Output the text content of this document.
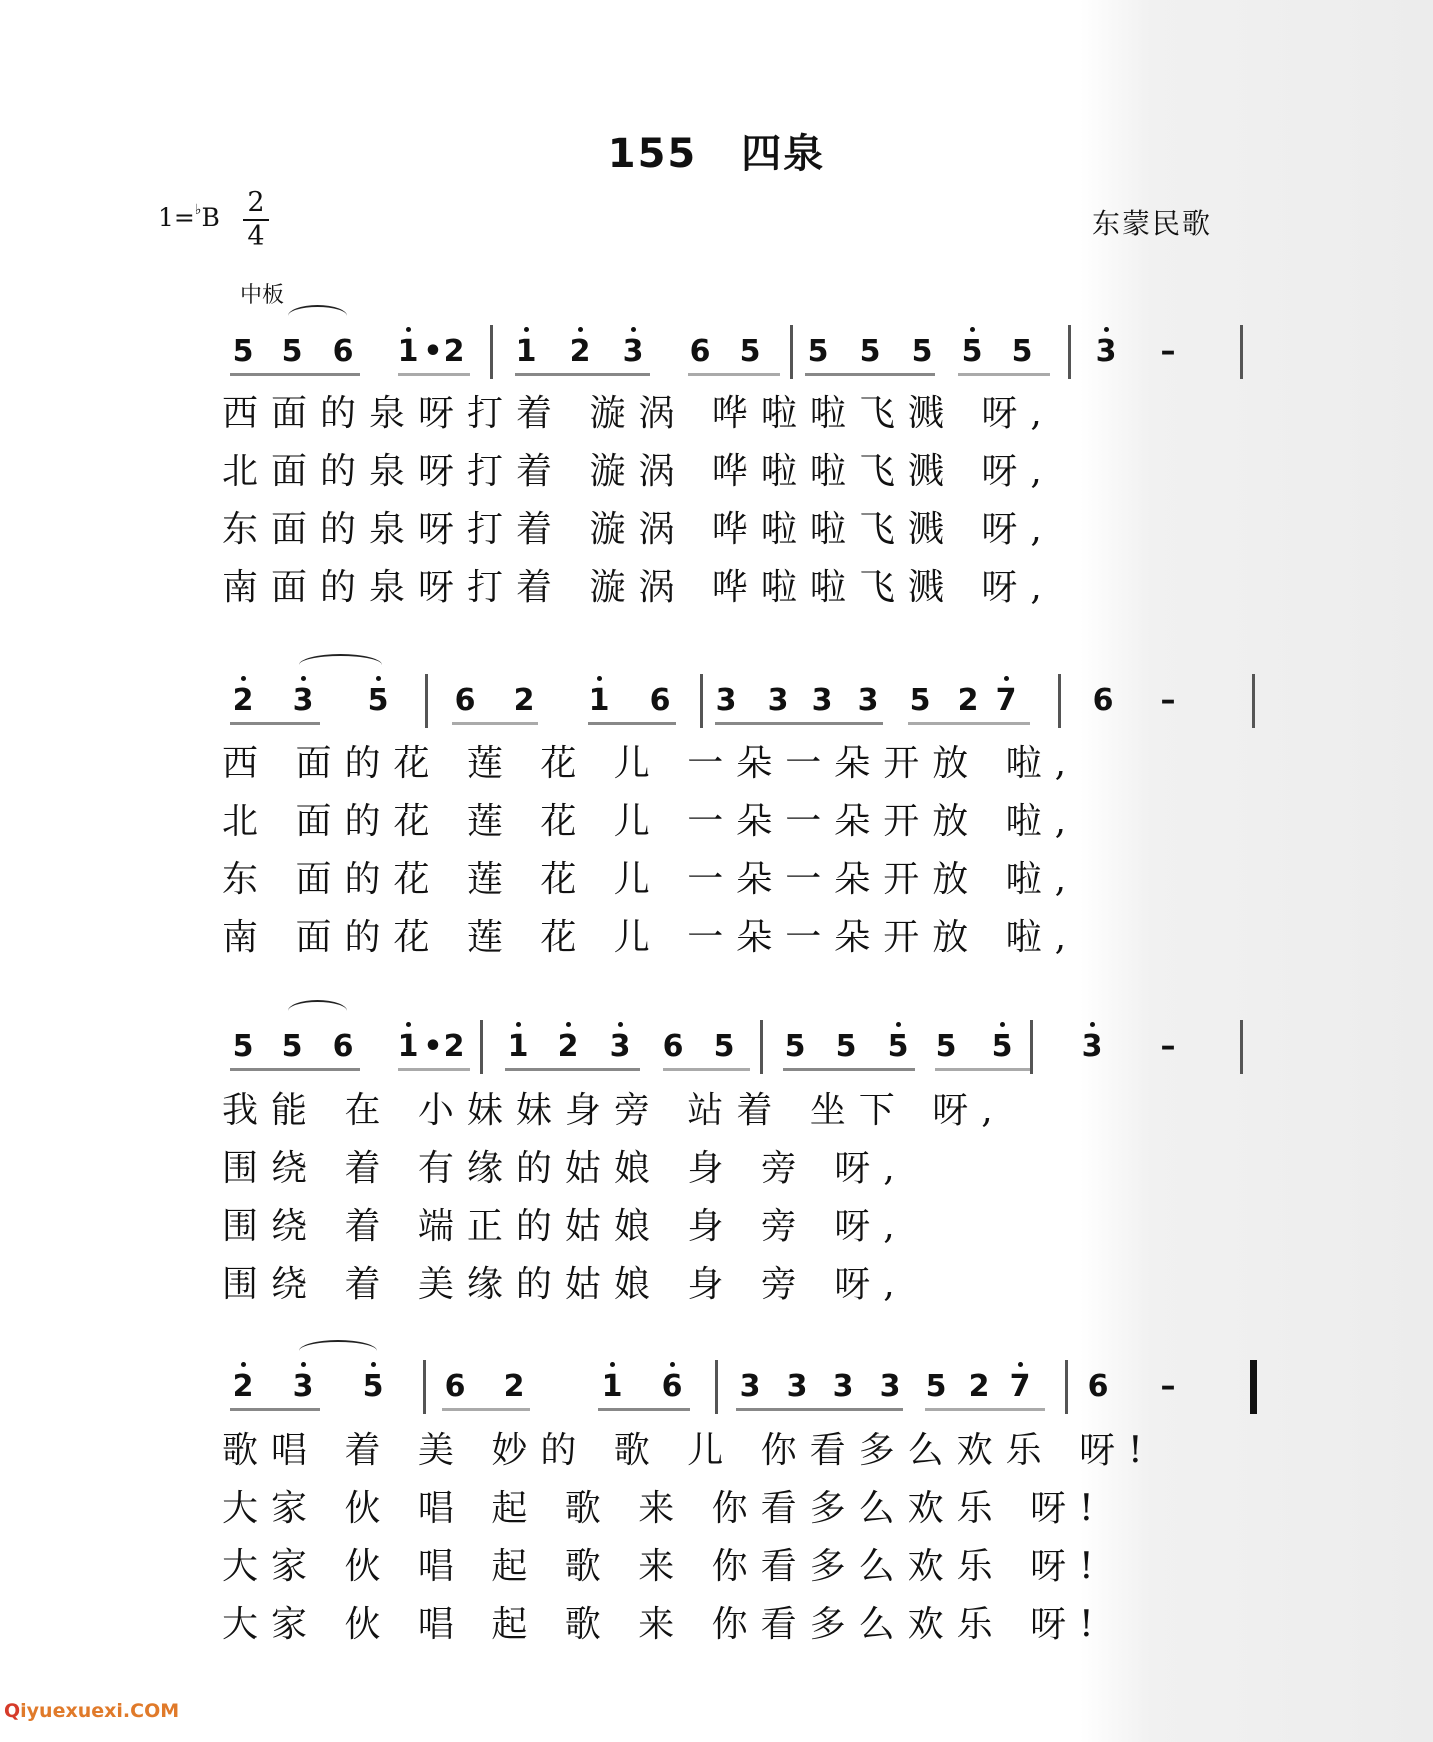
155 四泉
1=♭B 2
4	东蒙民歌
中板
5 5 6 1 • 2 1 2 3 6 5 5 5 5 5 5 3 –
西面的泉呀打着 漩涡 哗啦啦飞溅 呀,
北面的泉呀打着 漩涡 哗啦啦飞溅 呀,
东面的泉呀打着 漩涡 哗啦啦飞溅 呀,
南面的泉呀打着 漩涡 哗啦啦飞溅 呀,
2 3 5 6 2 1 6 3 3 3 3 5 2 7	6 –
西 面的花 莲 花 儿 一朵一朵开放 啦,
北 面的花 莲 花 儿 一朵一朵开放 啦,
东 面的花 莲 花 儿 一朵一朵开放 啦,
南 面的花 莲 花 儿 一朵一朵开放 啦,
5 5 6 1 • 2 1 2 3 6 5 5 5 5 5 5 3 –
我能 在 小妹妹身旁 站着 坐下 呀,
围绕 着 有缘的姑娘 身 旁 呀,
围绕 着 端正的姑娘 身 旁 呀,
围绕 着 美缘的姑娘 身 旁 呀,
2 3 5 6 2	1 6 3 3 3 3 5 2 7 6 –
歌唱 着 美 妙的 歌 儿 你看多么欢乐 呀!
大家 伙 唱 起 歌 来 你看多么欢乐 呀!
大家 伙 唱 起 歌 来 你看多么欢乐 呀!
大家 伙 唱 起 歌 来 你看多么欢乐 呀!
Qiyuexuexi.COM
